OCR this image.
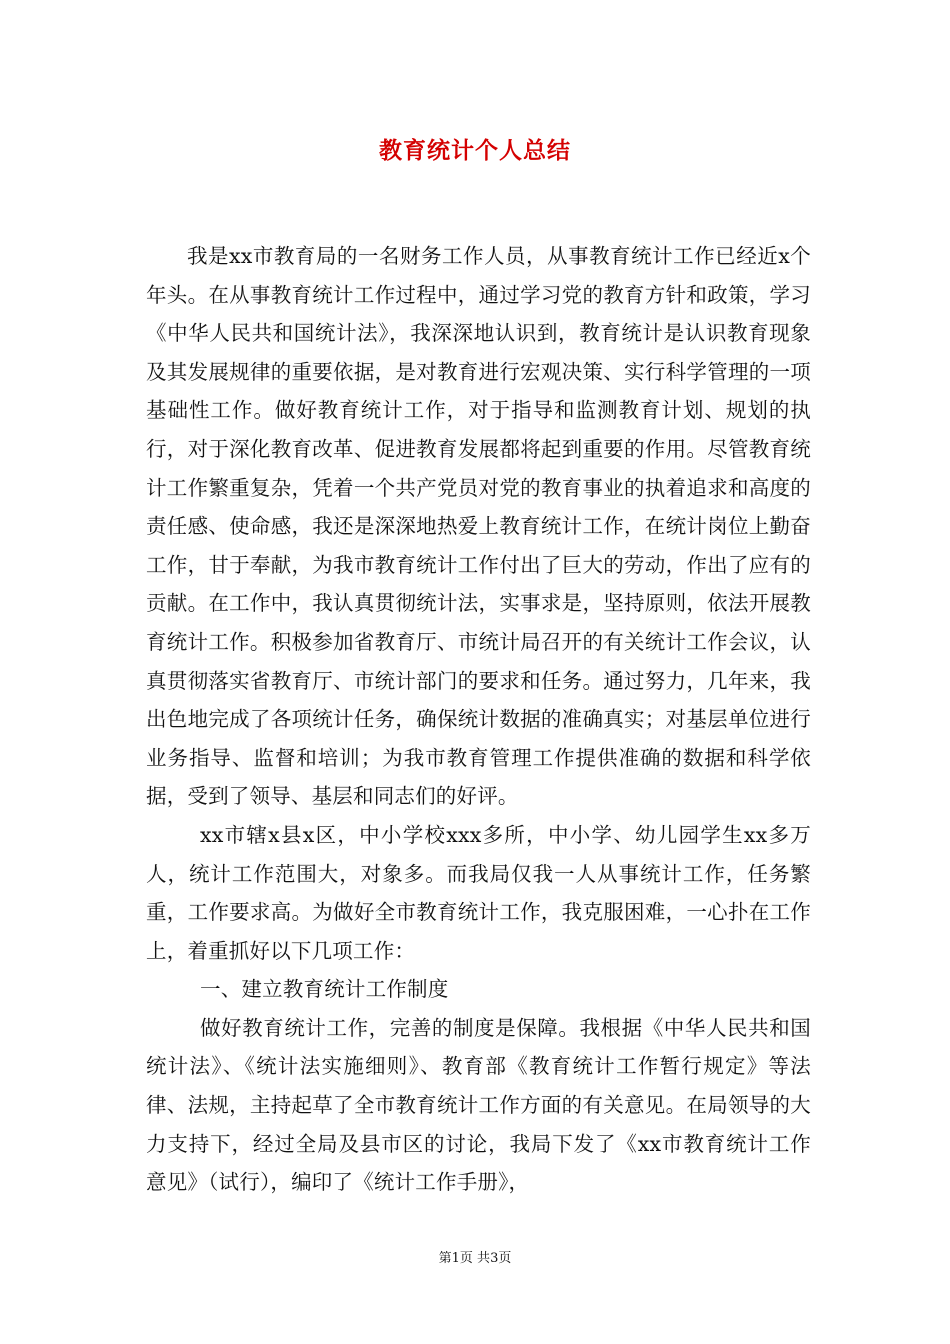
教育统计个人总结

我是xx市教育局的一名财务工作人员，从事教育统计工作已经近x个年头。在从事教育统计工作过程中，通过学习党的教育方针和政策，学习《中华人民共和国统计法》，我深深地认识到，教育统计是认识教育现象及其发展规律的重要依据，是对教育进行宏观决策、实行科学管理的一项基础性工作。做好教育统计工作，对于指导和监测教育计划、规划的执行，对于深化教育改革、促进教育发展都将起到重要的作用。尽管教育统计工作繁重复杂，凭着一个共产党员对党的教育事业的执着追求和高度的责任感、使命感，我还是深深地热爱上教育统计工作，在统计岗位上勤奋工作，甘于奉献，为我市教育统计工作付出了巨大的劳动，作出了应有的贡献。在工作中，我认真贯彻统计法，实事求是，坚持原则，依法开展教育统计工作。积极参加省教育厅、市统计局召开的有关统计工作会议，认真贯彻落实省教育厅、市统计部门的要求和任务。通过努力，几年来，我出色地完成了各项统计任务，确保统计数据的准确真实；对基层单位进行业务指导、监督和培训；为我市教育管理工作提供准确的数据和科学依据，受到了领导、基层和同志们的好评。

xx市辖x县x区，中小学校xxx多所，中小学、幼儿园学生xx多万人，统计工作范围大，对象多。而我局仅我一人从事统计工作，任务繁重，工作要求高。为做好全市教育统计工作，我克服困难，一心扑在工作上，着重抓好以下几项工作：

一、建立教育统计工作制度

做好教育统计工作，完善的制度是保障。我根据《中华人民共和国统计法》、《统计法实施细则》、教育部《教育统计工作暂行规定》等法律、法规，主持起草了全市教育统计工作方面的有关意见。在局领导的大力支持下，经过全局及县市区的讨论，我局下发了《xx市教育统计工作意见》（试行），编印了《统计工作手册》，

第1页 共3页
